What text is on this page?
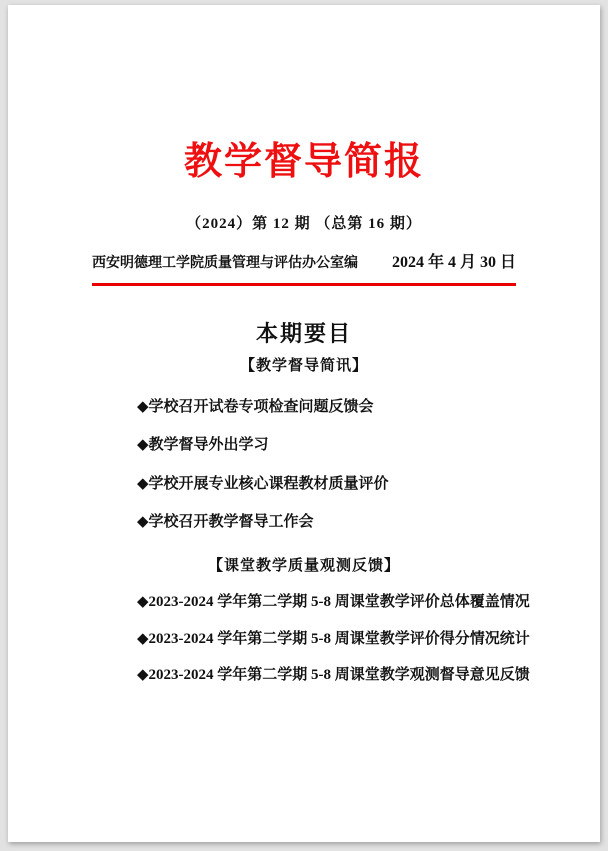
教学督导简报
（2024）第 12 期 （总第 16 期）
西安明德理工学院质量管理与评估办公室编 2024 年 4 月 30 日
本期要目
【教学督导简讯】
◆学校召开试卷专项检查问题反馈会
◆教学督导外出学习
◆学校开展专业核心课程教材质量评价
◆学校召开教学督导工作会
【课堂教学质量观测反馈】
◆2023-2024 学年第二学期 5-8 周课堂教学评价总体覆盖情况
◆2023-2024 学年第二学期 5-8 周课堂教学评价得分情况统计
◆2023-2024 学年第二学期 5-8 周课堂教学观测督导意见反馈
